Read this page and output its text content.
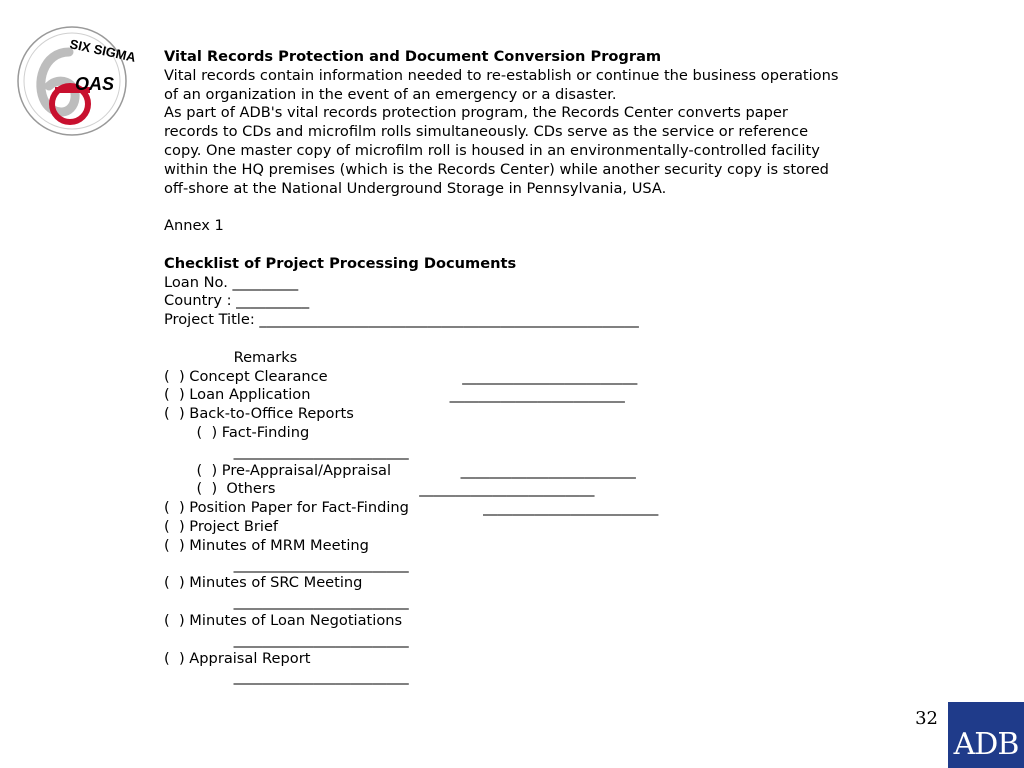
SIX SIGMA
OAS
Vital Records Protection and Document Conversion Program
Vital records contain information needed to re-establish or continue the business operations
of an organization in the event of an emergency or a disaster.
As part of ADB's vital records protection program, the Records Center converts paper
records to CDs and microfilm rolls simultaneously. CDs serve as the service or reference
copy. One master copy of microfilm roll is housed in an environmentally-controlled facility
within the HQ premises (which is the Records Center) while another security copy is stored
off-shore at the National Underground Storage in Pennsylvania, USA.
Annex 1
Checklist of Project Processing Documents
Loan No. _________
Country : __________
Project Title: ____________________________________________________
Remarks
(  ) Concept Clearance                             ________________________
(  ) Loan Application                              ________________________
(  ) Back-to-Office Reports
(  ) Fact-Finding
________________________
(  ) Pre-Appraisal/Appraisal               ________________________
(  )  Others                               ________________________
(  ) Position Paper for Fact-Finding                ________________________
(  ) Project Brief
(  ) Minutes of MRM Meeting
________________________
(  ) Minutes of SRC Meeting
________________________
(  ) Minutes of Loan Negotiations
________________________
(  ) Appraisal Report
________________________
32
ADB
